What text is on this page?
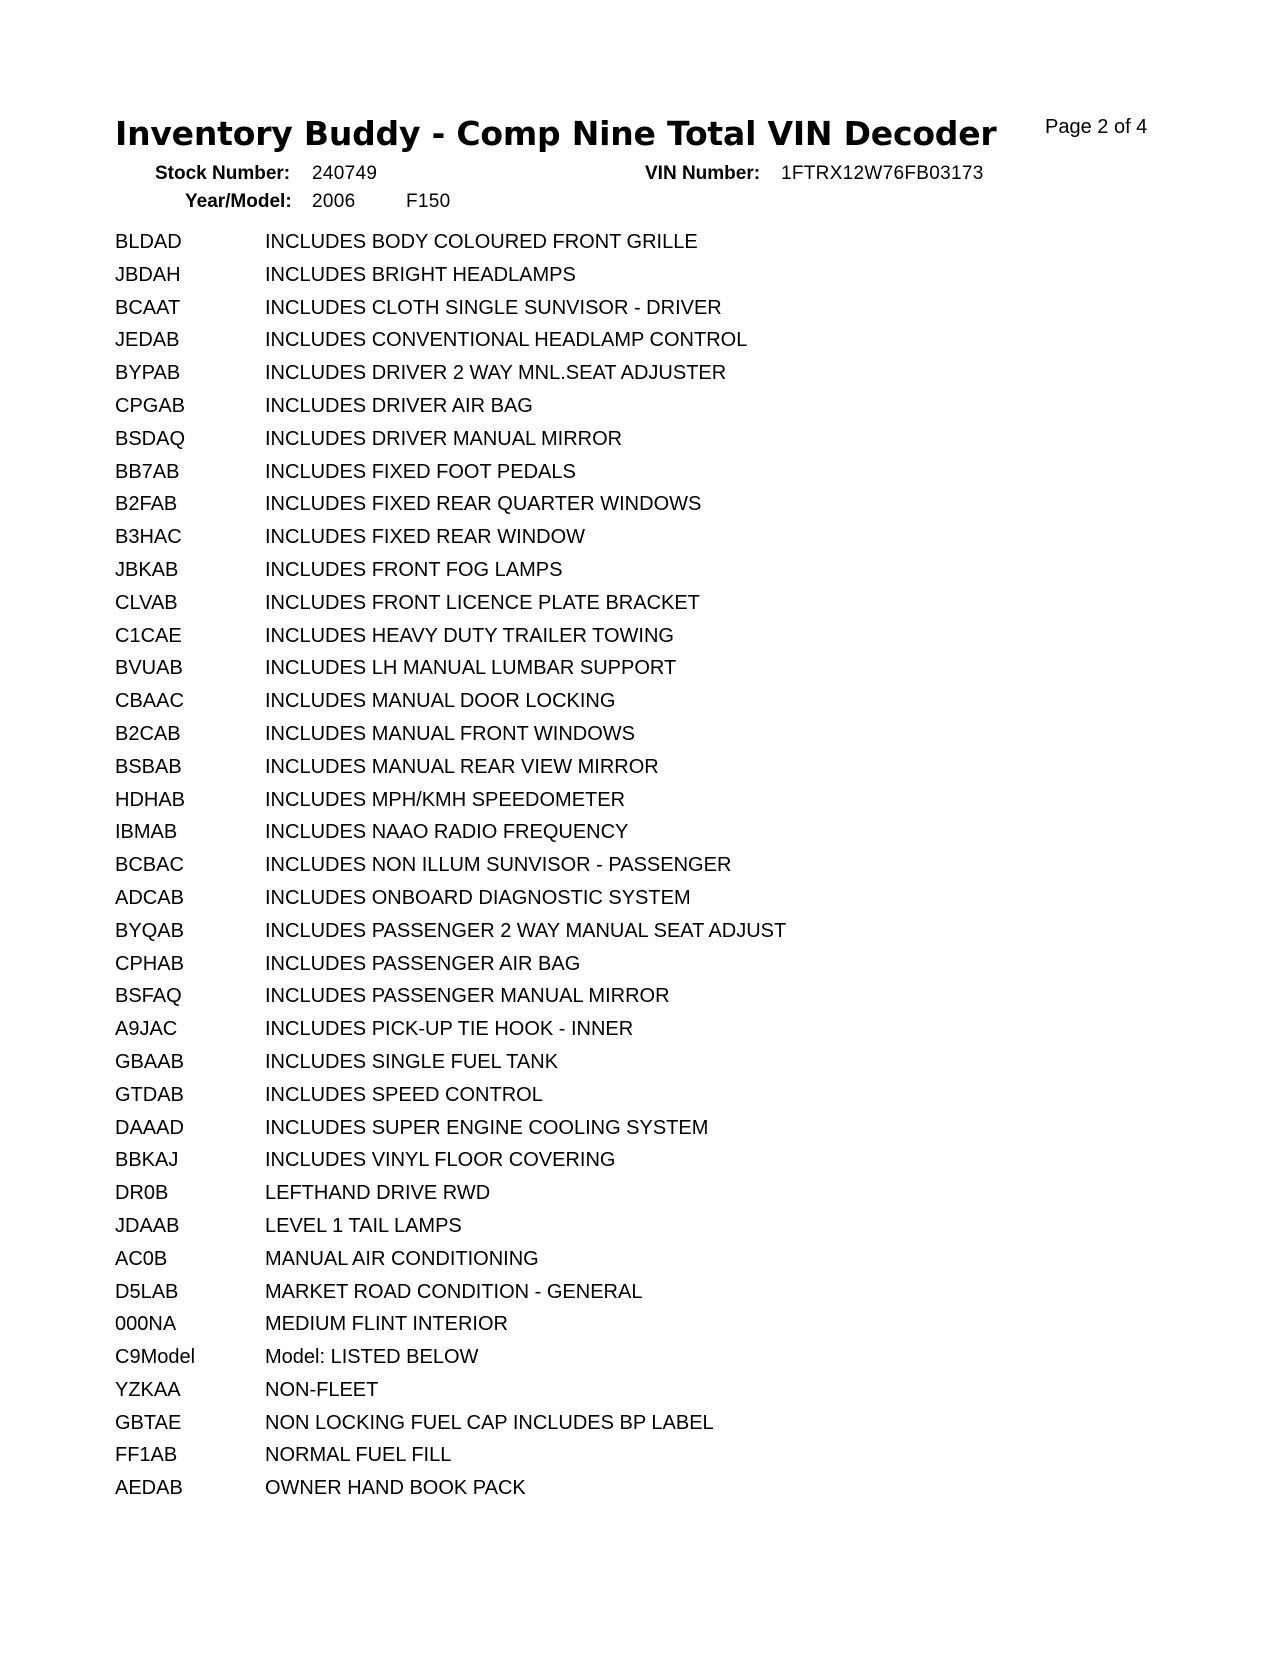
Inventory Buddy - Comp Nine Total VIN Decoder Page 2 of 4
Stock Number: 240749	VIN Number: 1FTRX12W76FB03173
Year/Model: 2006	F150
BLDAD	INCLUDES BODY COLOURED FRONT GRILLE
JBDAH	INCLUDES BRIGHT HEADLAMPS
BCAAT	INCLUDES CLOTH SINGLE SUNVISOR - DRIVER
JEDAB	INCLUDES CONVENTIONAL HEADLAMP CONTROL
BYPAB	INCLUDES DRIVER 2 WAY MNL.SEAT ADJUSTER
CPGAB	INCLUDES DRIVER AIR BAG
BSDAQ	INCLUDES DRIVER MANUAL MIRROR
BB7AB	INCLUDES FIXED FOOT PEDALS
B2FAB	INCLUDES FIXED REAR QUARTER WINDOWS
B3HAC	INCLUDES FIXED REAR WINDOW
JBKAB	INCLUDES FRONT FOG LAMPS
CLVAB	INCLUDES FRONT LICENCE PLATE BRACKET
C1CAE	INCLUDES HEAVY DUTY TRAILER TOWING
BVUAB	INCLUDES LH MANUAL LUMBAR SUPPORT
CBAAC	INCLUDES MANUAL DOOR LOCKING
B2CAB	INCLUDES MANUAL FRONT WINDOWS
BSBAB	INCLUDES MANUAL REAR VIEW MIRROR
HDHAB	INCLUDES MPH/KMH SPEEDOMETER
IBMAB	INCLUDES NAAO RADIO FREQUENCY
BCBAC	INCLUDES NON ILLUM SUNVISOR - PASSENGER
ADCAB	INCLUDES ONBOARD DIAGNOSTIC SYSTEM
BYQAB	INCLUDES PASSENGER 2 WAY MANUAL SEAT ADJUST
CPHAB	INCLUDES PASSENGER AIR BAG
BSFAQ	INCLUDES PASSENGER MANUAL MIRROR
A9JAC	INCLUDES PICK-UP TIE HOOK - INNER
GBAAB	INCLUDES SINGLE FUEL TANK
GTDAB	INCLUDES SPEED CONTROL
DAAAD	INCLUDES SUPER ENGINE COOLING SYSTEM
BBKAJ	INCLUDES VINYL FLOOR COVERING
DR0B	LEFTHAND DRIVE RWD
JDAAB	LEVEL 1 TAIL LAMPS
AC0B	MANUAL AIR CONDITIONING
D5LAB	MARKET ROAD CONDITION - GENERAL
000NA	MEDIUM FLINT INTERIOR
C9Model	Model: LISTED BELOW
YZKAA	NON-FLEET
GBTAE	NON LOCKING FUEL CAP INCLUDES BP LABEL
FF1AB	NORMAL FUEL FILL
AEDAB	OWNER HAND BOOK PACK
